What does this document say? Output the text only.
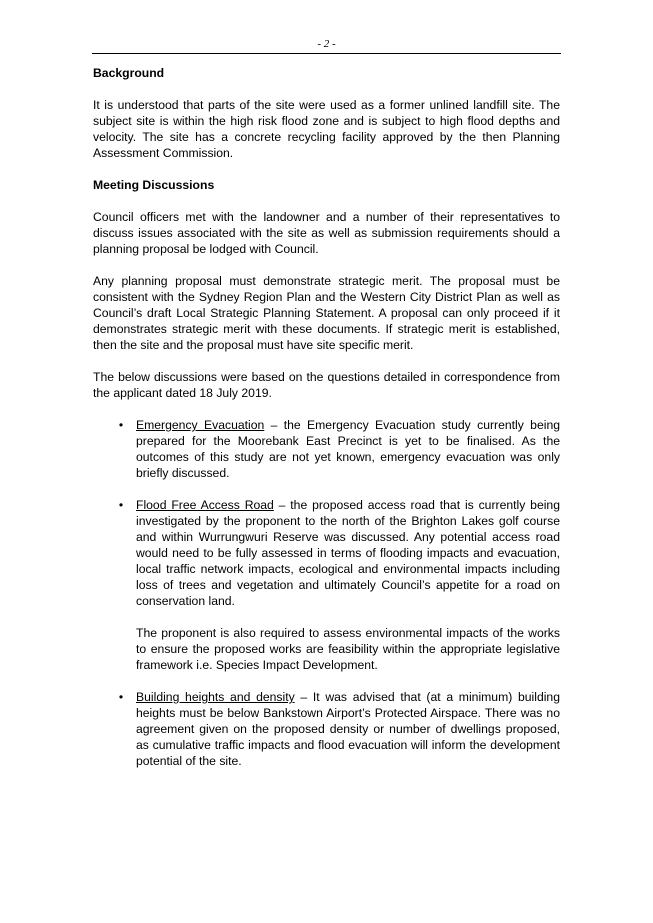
- 2 -
Background

It is understood that parts of the site were used as a former unlined landfill site. The subject site is within the high risk flood zone and is subject to high flood depths and velocity. The site has a concrete recycling facility approved by the then Planning Assessment Commission.

Meeting Discussions

Council officers met with the landowner and a number of their representatives to discuss issues associated with the site as well as submission requirements should a planning proposal be lodged with Council.

Any planning proposal must demonstrate strategic merit. The proposal must be consistent with the Sydney Region Plan and the Western City District Plan as well as Council’s draft Local Strategic Planning Statement. A proposal can only proceed if it demonstrates strategic merit with these documents. If strategic merit is established, then the site and the proposal must have site specific merit.

The below discussions were based on the questions detailed in correspondence from the applicant dated 18 July 2019.

• Emergency Evacuation – the Emergency Evacuation study currently being prepared for the Moorebank East Precinct is yet to be finalised. As the outcomes of this study are not yet known, emergency evacuation was only briefly discussed.

• Flood Free Access Road – the proposed access road that is currently being investigated by the proponent to the north of the Brighton Lakes golf course and within Wurrungwuri Reserve was discussed. Any potential access road would need to be fully assessed in terms of flooding impacts and evacuation, local traffic network impacts, ecological and environmental impacts including loss of trees and vegetation and ultimately Council’s appetite for a road on conservation land.

The proponent is also required to assess environmental impacts of the works to ensure the proposed works are feasibility within the appropriate legislative framework i.e. Species Impact Development.

• Building heights and density – It was advised that (at a minimum) building heights must be below Bankstown Airport’s Protected Airspace. There was no agreement given on the proposed density or number of dwellings proposed, as cumulative traffic impacts and flood evacuation will inform the development potential of the site.
